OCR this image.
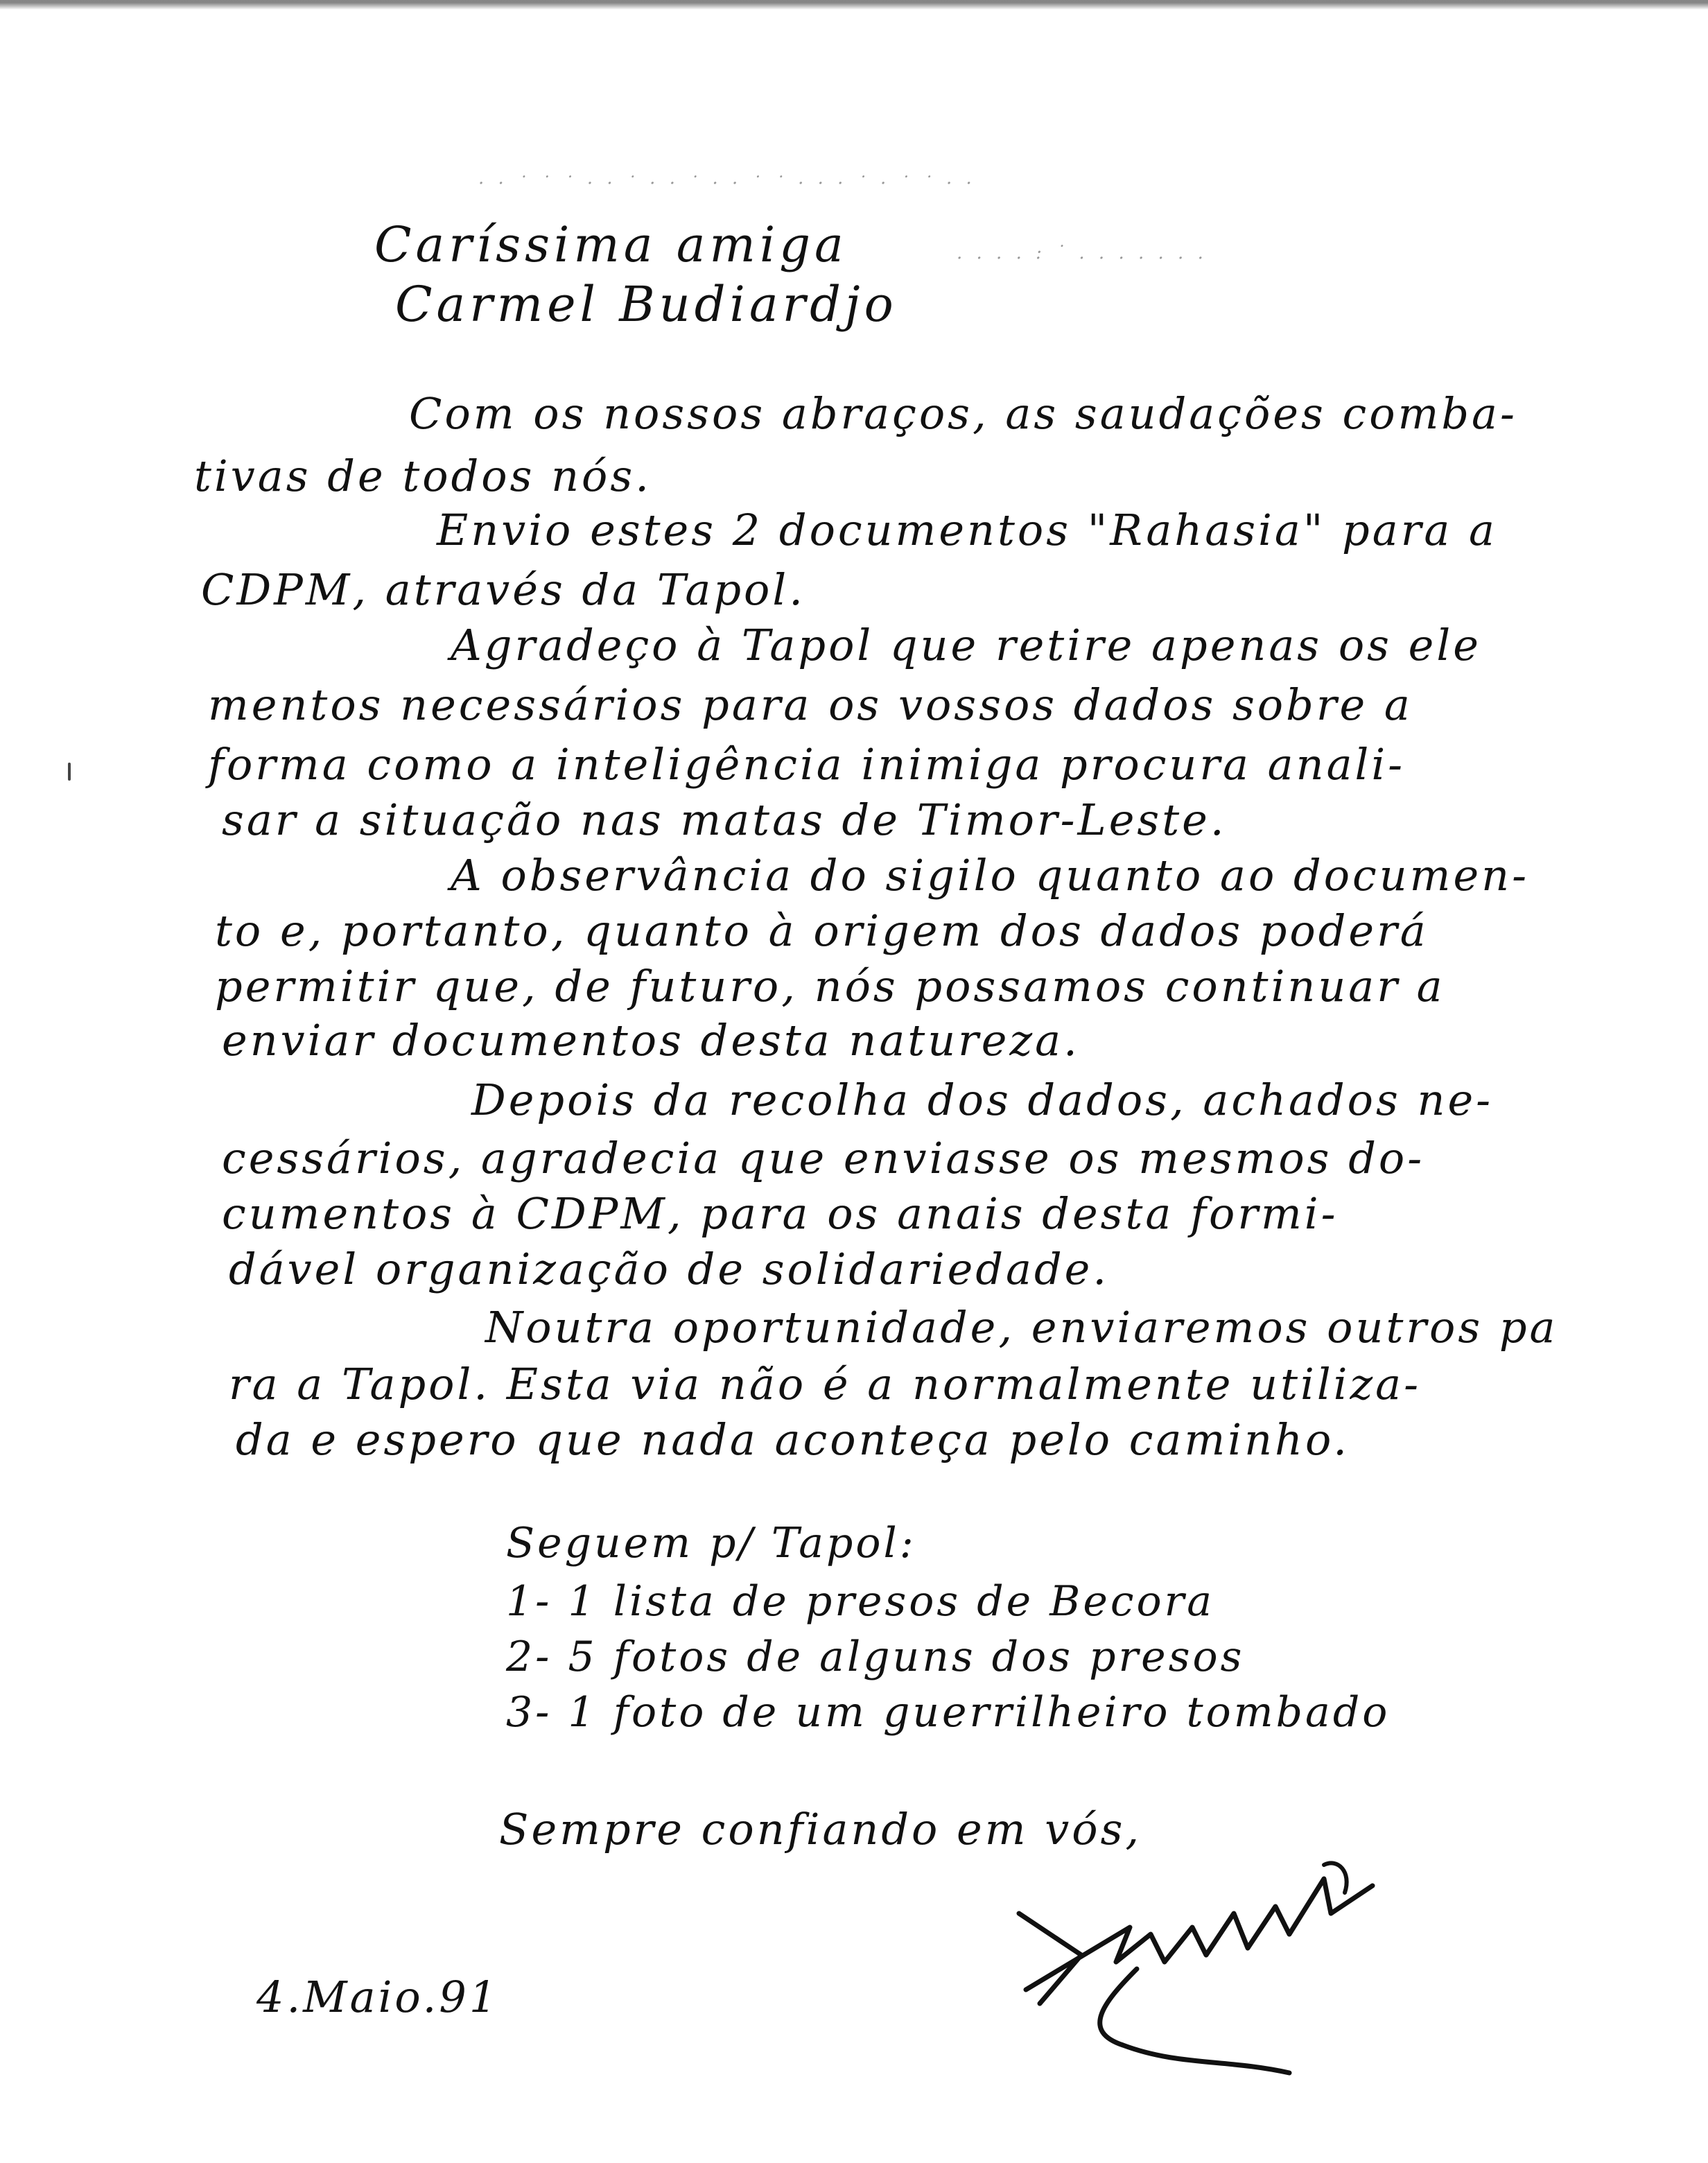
· · ˙ ˙ ˙ · · ˙ · · ˙ · · ˙ ˙ · · · ˙ · ˙ ˙ · ·
Caríssima amiga	. . . . : ˙ . . . . . . .
Carmel Budiardjo
Com os nossos abraços, as saudações comba-
tivas de todos nós.
Envio estes 2 documentos "Rahasia" para a
CDPM, através da Tapol.
Agradeço à Tapol que retire apenas os ele
mentos necessários para os vossos dados sobre a
forma como a inteligência inimiga procura anali-
sar a situação nas matas de Timor-Leste.
A observância do sigilo quanto ao documen-
to e, portanto, quanto à origem dos dados poderá
permitir que, de futuro, nós possamos continuar a
enviar documentos desta natureza.
Depois da recolha dos dados, achados ne-
cessários, agradecia que enviasse os mesmos do-
cumentos à CDPM, para os anais desta formi-
dável organização de solidariedade.
Noutra oportunidade, enviaremos outros pa
ra a Tapol. Esta via não é a normalmente utiliza-
da e espero que nada aconteça pelo caminho.
Seguem p/ Tapol:
1- 1 lista de presos de Becora
2- 5 fotos de alguns dos presos
3- 1 foto de um guerrilheiro tombado
Sempre confiando em vós,
4.Maio.91
